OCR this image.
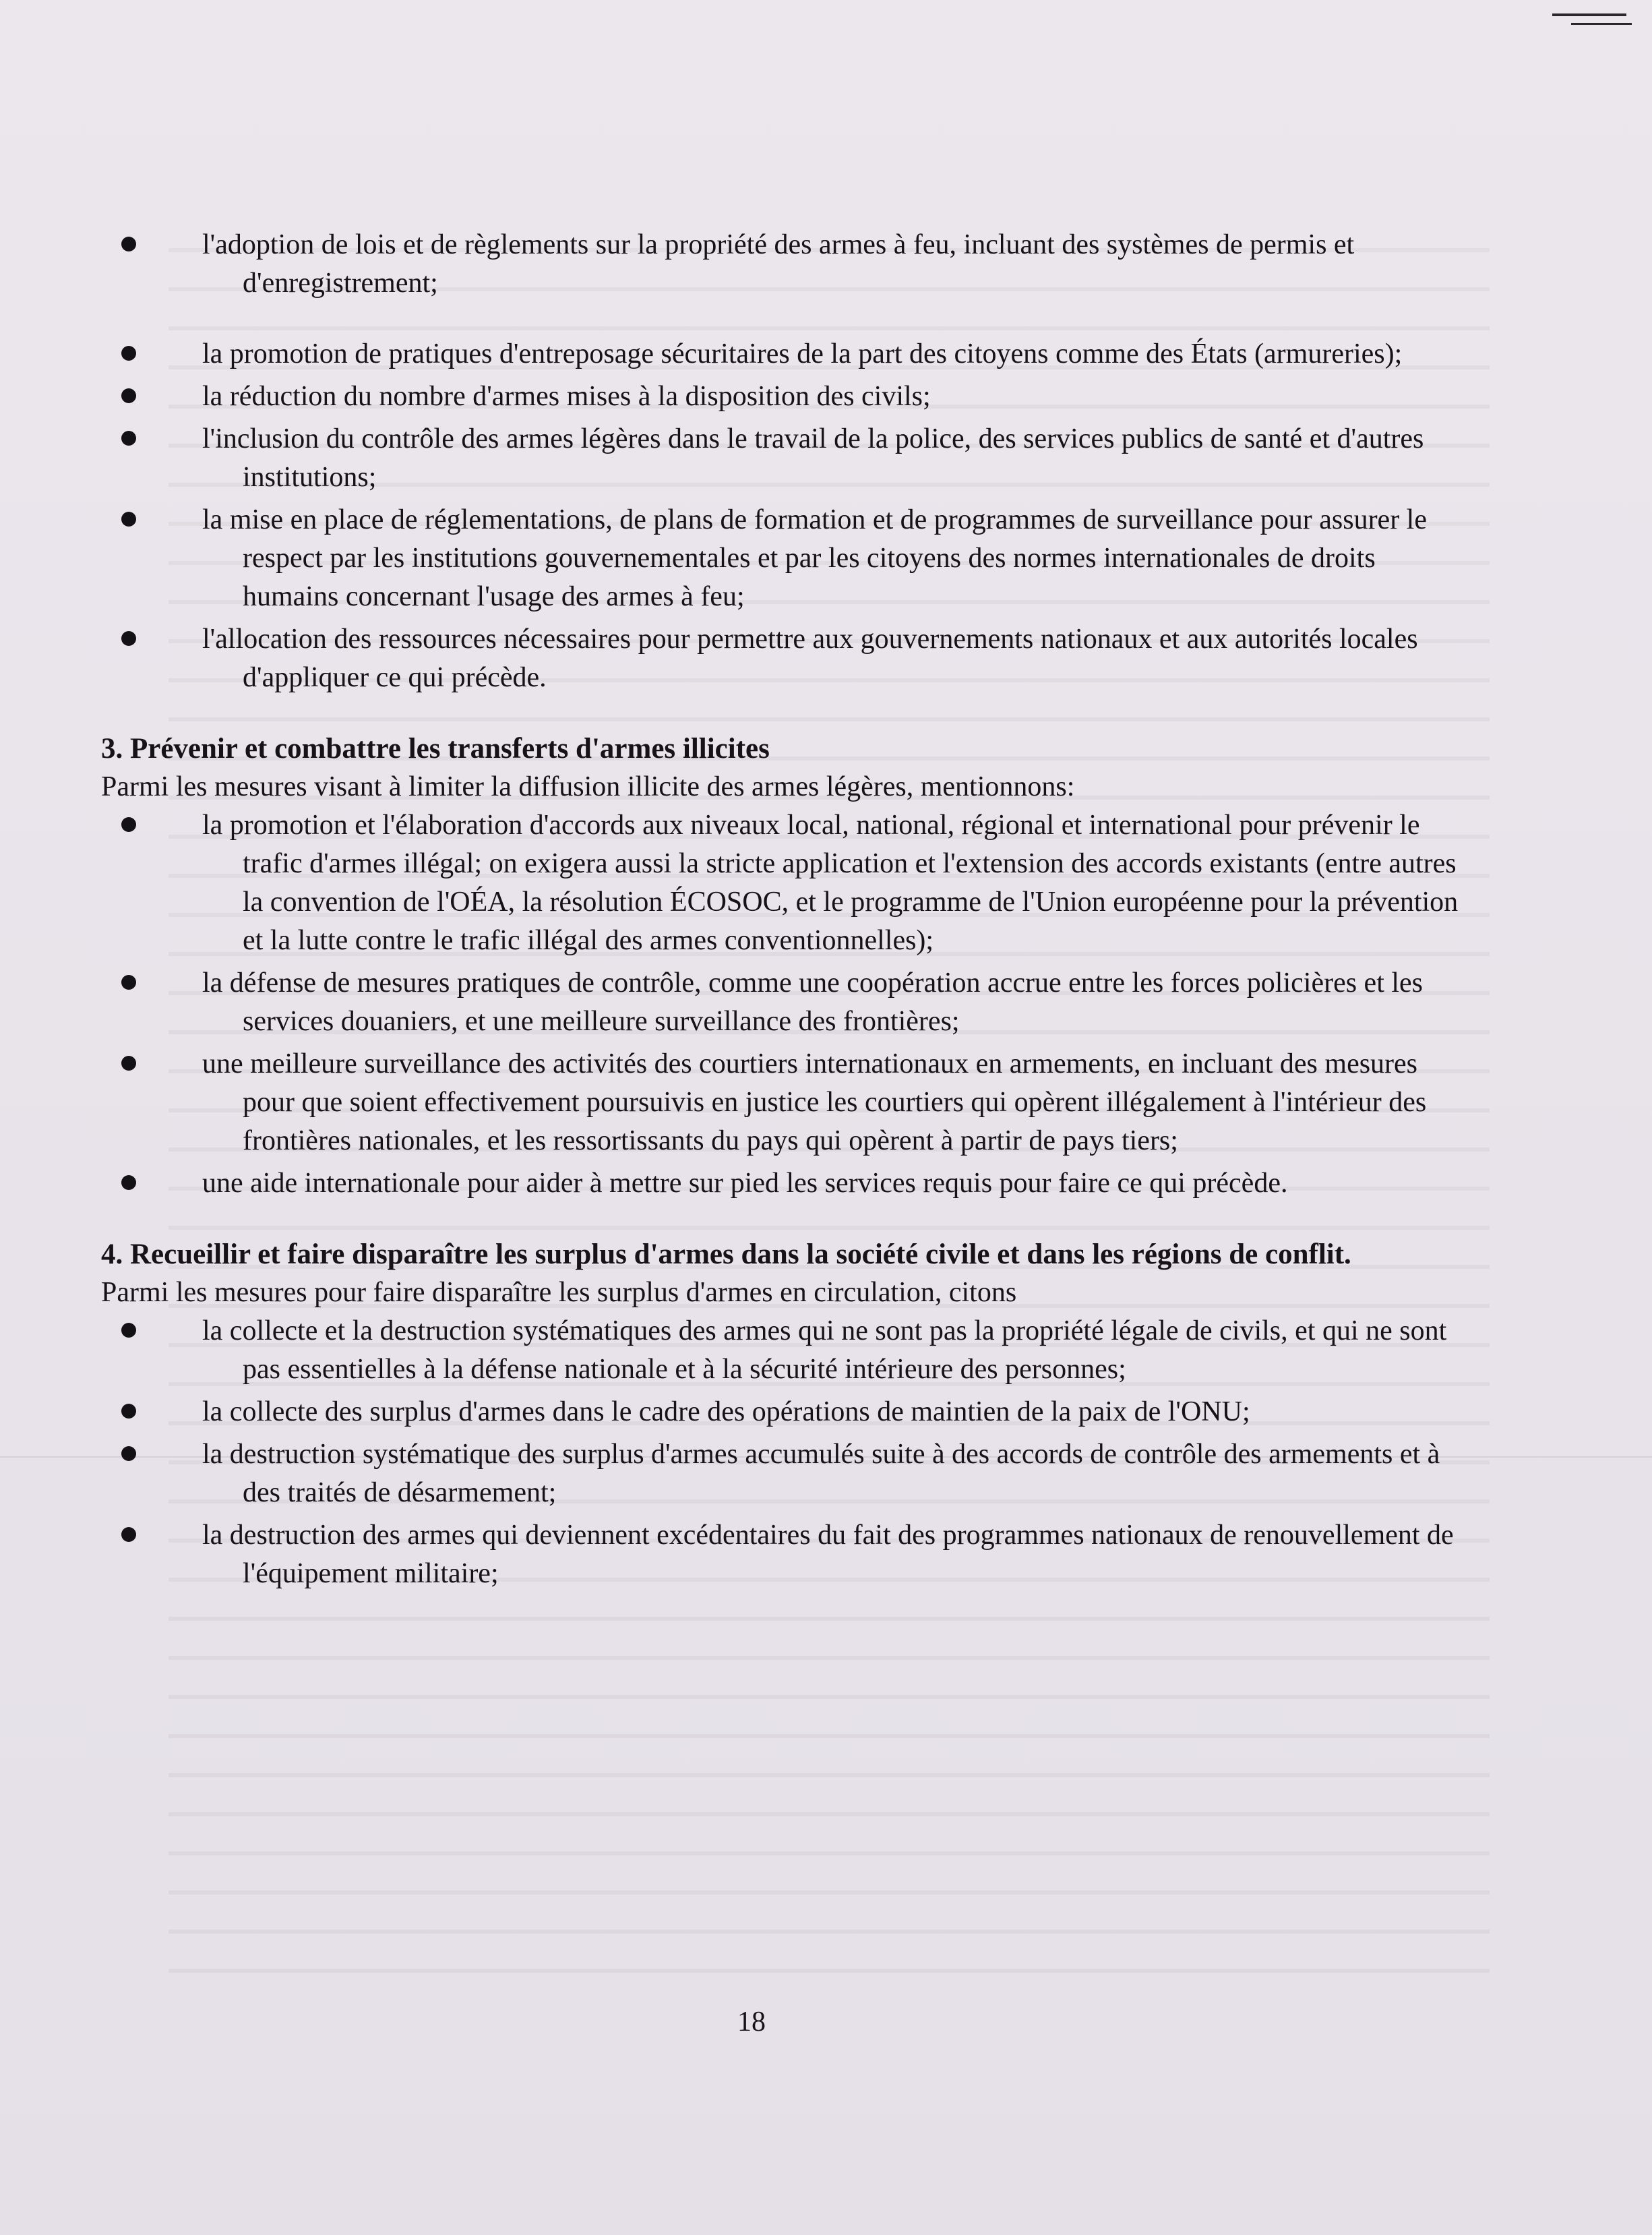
l'adoption de lois et de règlements sur la propriété des armes à feu, incluant des systèmes de permis et d'enregistrement;
la promotion de pratiques d'entreposage sécuritaires de la part des citoyens comme des États (armureries);
la réduction du nombre d'armes mises à la disposition des civils;
l'inclusion du contrôle des armes légères dans le travail de la police, des services publics de santé et d'autres institutions;
la mise en place de réglementations, de plans de formation et de programmes de surveillance pour assurer le respect par les institutions gouvernementales et par les citoyens des normes internationales de droits humains concernant l'usage des armes à feu;
l'allocation des ressources nécessaires pour permettre aux gouvernements nationaux et aux autorités locales d'appliquer ce qui précède.

3. Prévenir et combattre les transferts d'armes illicites

Parmi les mesures visant à limiter la diffusion illicite des armes légères, mentionnons:

la promotion et l'élaboration d'accords aux niveaux local, national, régional et international pour prévenir le trafic d'armes illégal; on exigera aussi la stricte application et l'extension des accords existants (entre autres la convention de l'OÉA, la résolution ÉCOSOC, et le programme de l'Union européenne pour la prévention et la lutte contre le trafic illégal des armes conventionnelles);
la défense de mesures pratiques de contrôle, comme une coopération accrue entre les forces policières et les services douaniers, et une meilleure surveillance des frontières;
une meilleure surveillance des activités des courtiers internationaux en armements, en incluant des mesures pour que soient effectivement poursuivis en justice les courtiers qui opèrent illégalement à l'intérieur des frontières nationales, et les ressortissants du pays qui opèrent à partir de pays tiers;
une aide internationale pour aider à mettre sur pied les services requis pour faire ce qui précède.

4. Recueillir et faire disparaître les surplus d'armes dans la société civile et dans les régions de conflit.

Parmi les mesures pour faire disparaître les surplus d'armes en circulation, citons

la collecte et la destruction systématiques des armes qui ne sont pas la propriété légale de civils, et qui ne sont pas essentielles à la défense nationale et à la sécurité intérieure des personnes;
la collecte des surplus d'armes dans le cadre des opérations de maintien de la paix de l'ONU;
la destruction systématique des surplus d'armes accumulés suite à des accords de contrôle des armements et à des traités de désarmement;
la destruction des armes qui deviennent excédentaires du fait des programmes nationaux de renouvellement de l'équipement militaire;
18
